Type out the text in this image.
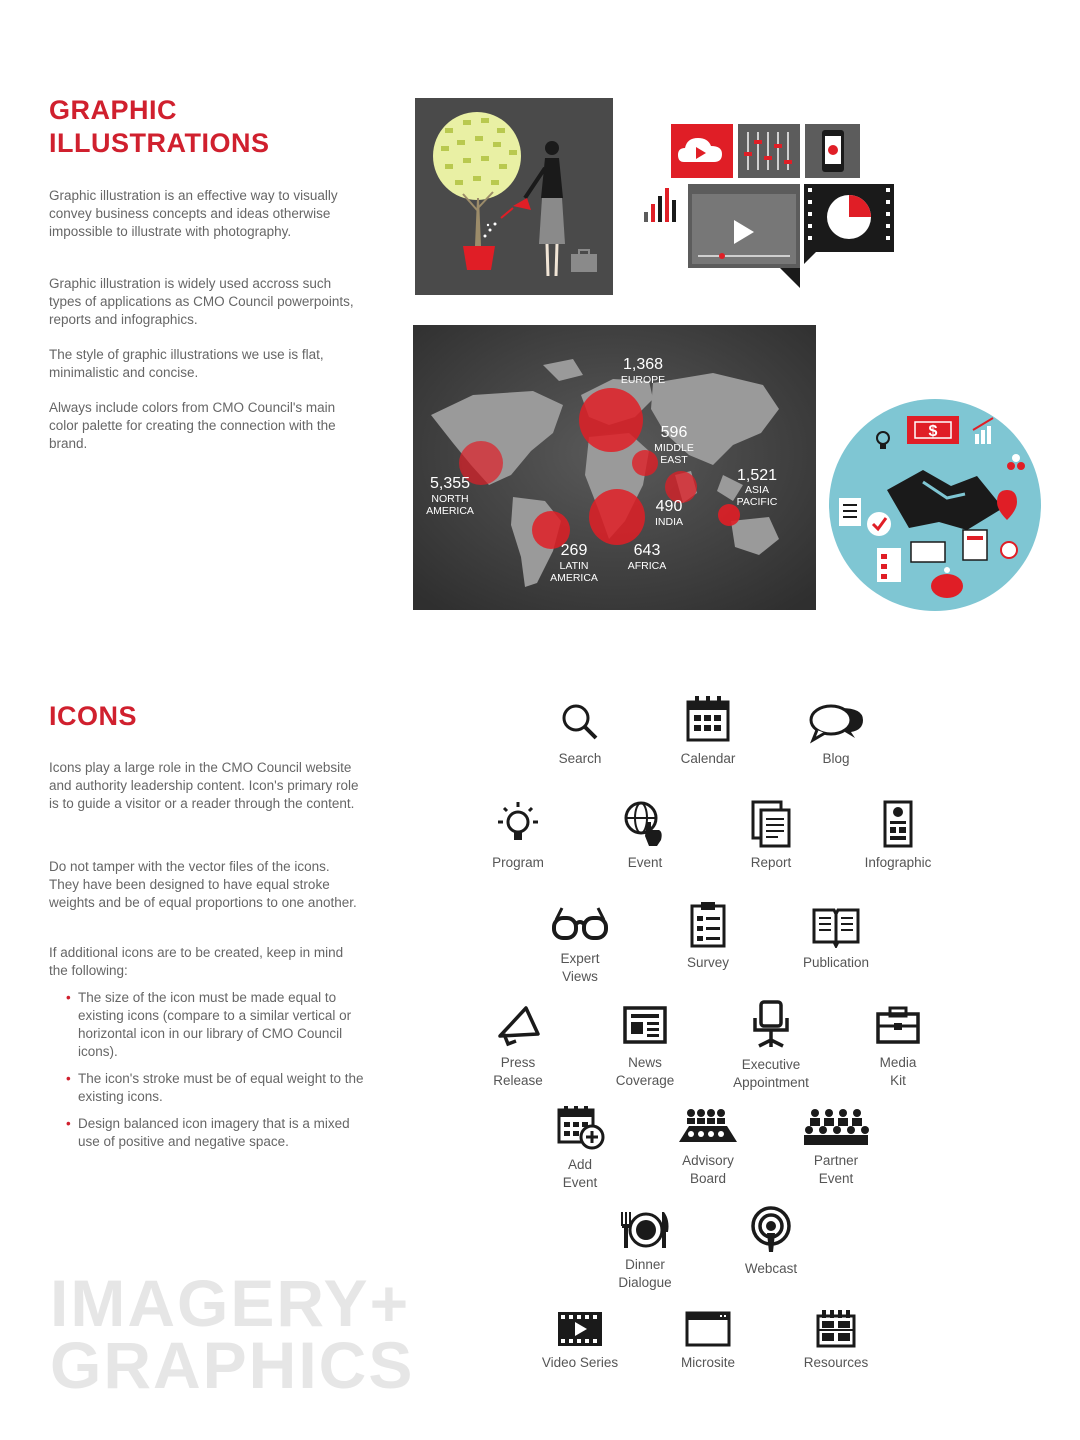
GRAPHIC
ILLUSTRATIONS

Graphic illustration is an effective way to visually convey business concepts and ideas otherwise impossible to illustrate with photography.

Graphic illustration is widely used accross such types of applications as CMO Council powerpoints, reports and infographics.

The style of graphic illustrations we use is flat, minimalistic and concise.

Always include colors from CMO Council's main color palette for creating the connection with the brand.

1,368
EUROPE
596
MIDDLE
EAST
5,355
NORTH
AMERICA
1,521
ASIA
PACIFIC
490
INDIA
269
LATIN
AMERICA
643
AFRICA
$
ICONS

Icons play a large role in the CMO Council website and authority leadership content. Icon's primary role is to guide a visitor or a reader through the content.

Do not tamper with the vector files of the icons. They have been designed to have equal stroke weights and be of equal proportions to one another.

If additional icons are to be created, keep in mind the following:

• The size of the icon must be made equal to existing icons (compare to a similar vertical or horizontal icon in our library of CMO Council icons).

• The icon's stroke must be of equal weight to the existing icons.

• Design balanced icon imagery that is a mixed use of positive and negative space.

Search	Calendar	Blog
Program	Event	Report	Infographic
Expert
Views
Survey	Publication
Press
Release
News
Coverage
Executive
Appointment
Media
Kit
Add
Event
Advisory
Board
Partner
Event
Dinner
Dialogue
Webcast
Video Series	Microsite	Resources
IMAGERY+
GRAPHICS
